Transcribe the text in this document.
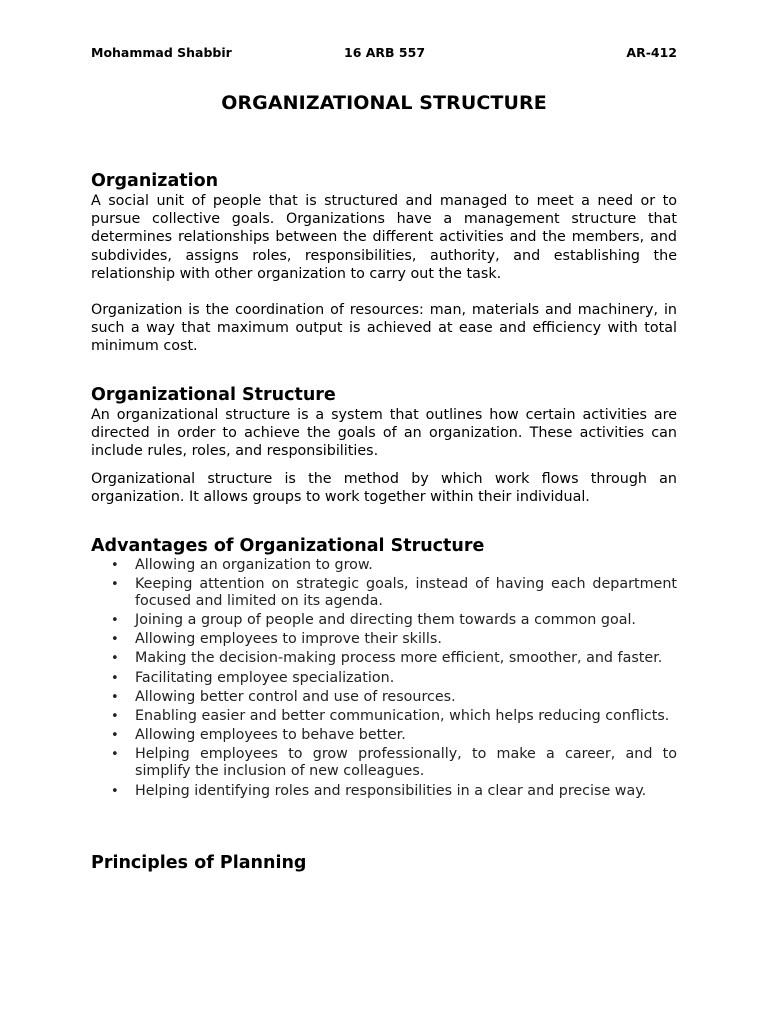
Mohammad Shabbir	16 ARB 557	AR-412
ORGANIZATIONAL STRUCTURE
Organization

A social unit of people that is structured and managed to meet a need or to pursue collective goals. Organizations have a management structure that determines relationships between the different activities and the members, and subdivides, assigns roles, responsibilities, authority, and establishing the relationship with other organization to carry out the task.

Organization is the coordination of resources: man, materials and machinery, in such a way that maximum output is achieved at ease and efficiency with total minimum cost.

Organizational Structure

An organizational structure is a system that outlines how certain activities are directed in order to achieve the goals of an organization. These activities can include rules, roles, and responsibilities.

Organizational structure is the method by which work flows through an organization. It allows groups to work together within their individual.

Advantages of Organizational Structure
• Allowing an organization to grow.
• Keeping attention on strategic goals, instead of having each department focused and limited on its agenda.
• Joining a group of people and directing them towards a common goal.
• Allowing employees to improve their skills.
• Making the decision-making process more efficient, smoother, and faster.
• Facilitating employee specialization.
• Allowing better control and use of resources.
• Enabling easier and better communication, which helps reducing conflicts.
• Allowing employees to behave better.
• Helping employees to grow professionally, to make a career, and to simplify the inclusion of new colleagues.
• Helping identifying roles and responsibilities in a clear and precise way.
Principles of Planning
